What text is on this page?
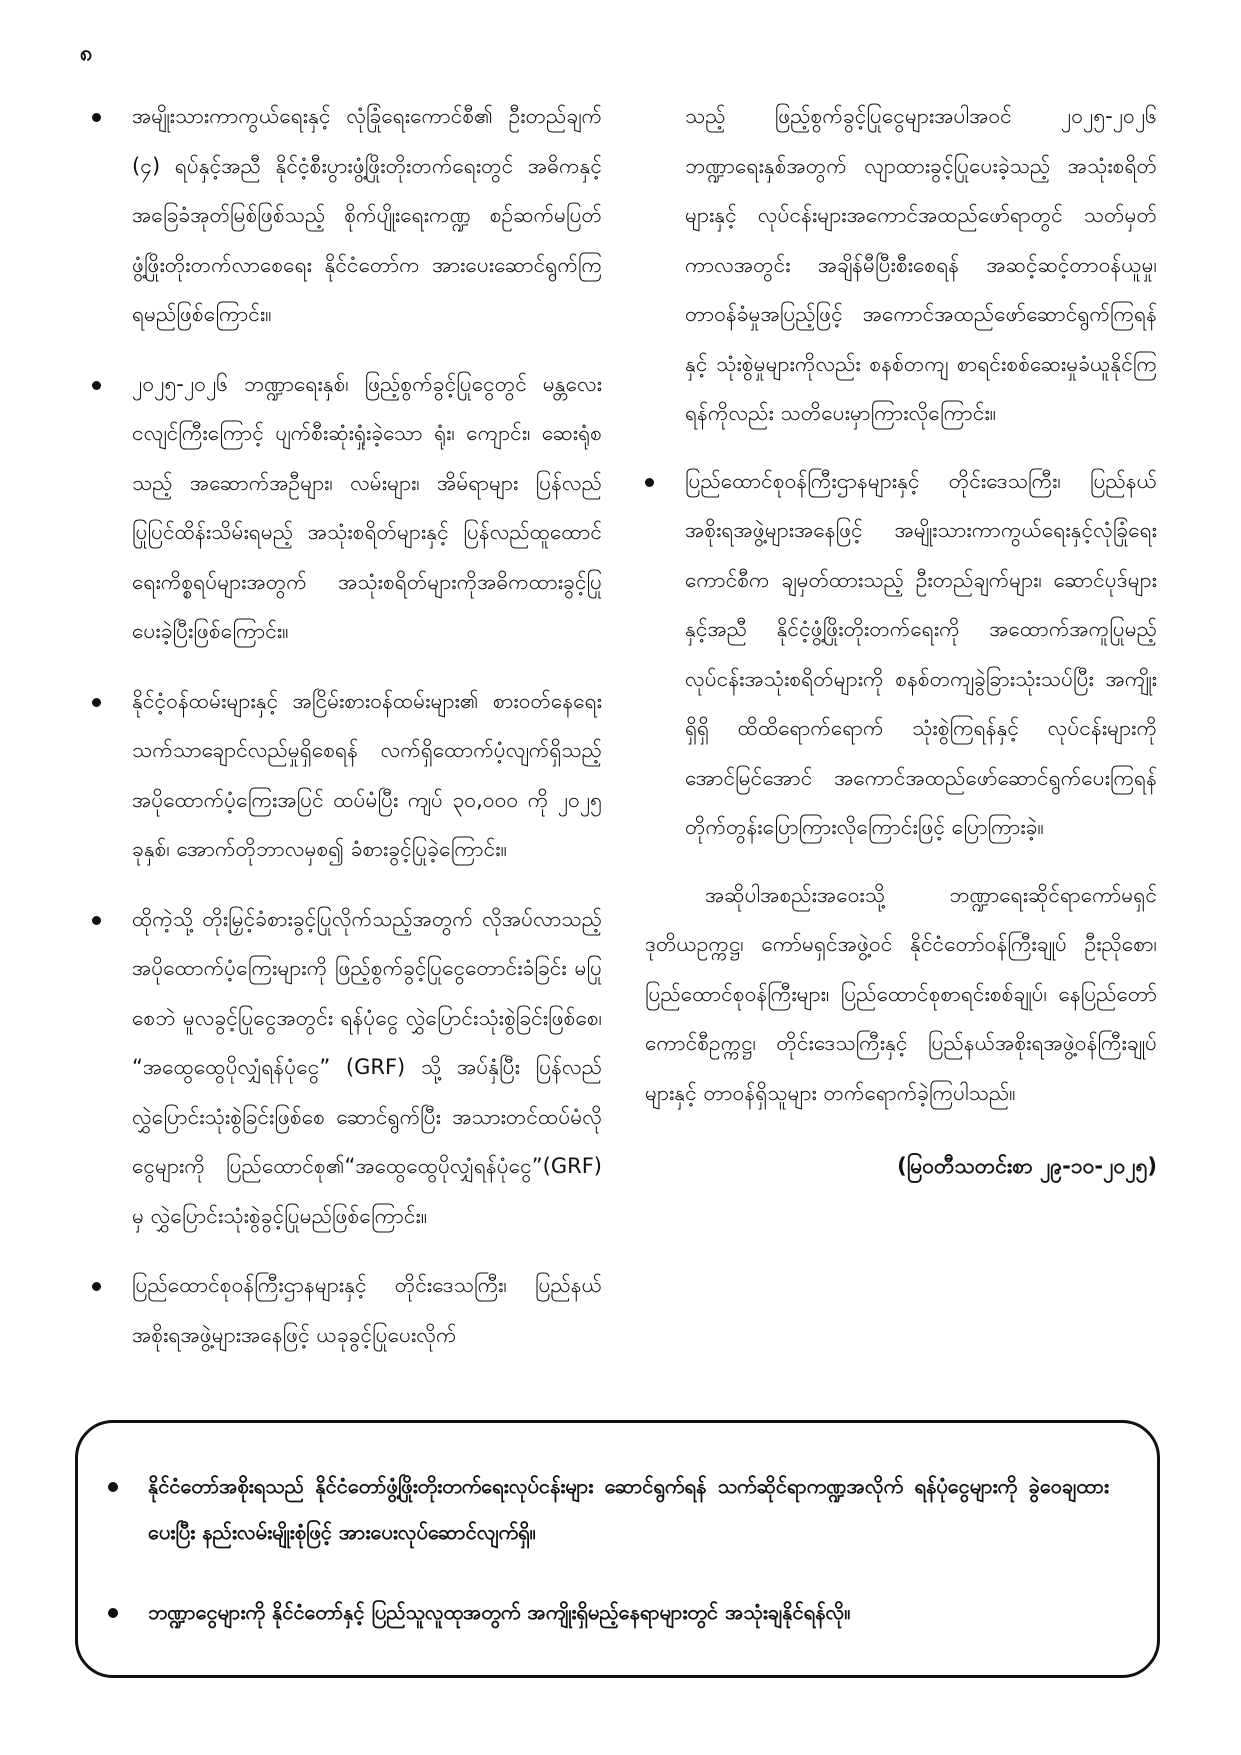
၈
အမျိုးသားကာကွယ်ရေးနှင့် လုံခြုံရေးကောင်စီ၏ ဦးတည်ချက် (၄) ရပ်နှင့်အညီ နိုင်ငံ့စီးပွားဖွံ့ဖြိုးတိုးတက်ရေးတွင် အဓိကနှင့် အခြေခံအုတ်မြစ်ဖြစ်သည့် စိုက်ပျိုးရေးကဏ္ဍ စဉ်ဆက်မပြတ် ဖွံ့ဖြိုးတိုးတက်လာစေရေး နိုင်ငံတော်က အားပေးဆောင်ရွက်ကြရမည်ဖြစ်ကြောင်း။
၂၀၂၅-၂၀၂၆ ဘဏ္ဍာရေးနှစ်၊ ဖြည့်စွက်ခွင့်ပြုငွေတွင် မန္တလေးငလျင်ကြီးကြောင့် ပျက်စီးဆုံးရှုံးခဲ့သော ရုံး၊ ကျောင်း၊ ဆေးရုံစသည့် အဆောက်အဦများ၊ လမ်းများ၊ အိမ်ရာများ ပြန်လည်ပြုပြင်ထိန်းသိမ်းရမည့် အသုံးစရိတ်များနှင့် ပြန်လည်ထူထောင်ရေးကိစ္စရပ်များအတွက် အသုံးစရိတ်များကိုအဓိကထားခွင့်ပြုပေးခဲ့ပြီးဖြစ်ကြောင်း။
နိုင်ငံ့ဝန်ထမ်းများနှင့် အငြိမ်းစားဝန်ထမ်းများ၏ စားဝတ်နေရေး သက်သာချောင်လည်မှုရှိစေရန် လက်ရှိထောက်ပံ့လျက်ရှိသည့် အပိုထောက်ပံ့ကြေးအပြင် ထပ်မံပြီး ကျပ် ၃၀,၀၀၀ ကို ၂၀၂၅ ခုနှစ်၊ အောက်တိုဘာလမှစ၍ ခံစားခွင့်ပြုခဲ့ကြောင်း။
ထိုကဲ့သို့ တိုးမြှင့်ခံစားခွင့်ပြုလိုက်သည့်အတွက် လိုအပ်လာသည့် အပိုထောက်ပံ့ကြေးများကို ဖြည့်စွက်ခွင့်ပြုငွေတောင်းခံခြင်း မပြုစေဘဲ မူလခွင့်ပြုငွေအတွင်း ရန်ပုံငွေ လွှဲပြောင်းသုံးစွဲခြင်းဖြစ်စေ၊ “အထွေထွေပိုလျှံရန်ပုံငွေ” (GRF) သို့ အပ်နှံပြီး ပြန်လည်လွှဲပြောင်းသုံးစွဲခြင်းဖြစ်စေ ဆောင်ရွက်ပြီး အသားတင်ထပ်မံလိုငွေများကို ပြည်ထောင်စု၏“အထွေထွေပိုလျှံရန်ပုံငွေ”(GRF) မှ လွှဲပြောင်းသုံးစွဲခွင့်ပြုမည်ဖြစ်ကြောင်း။
ပြည်ထောင်စုဝန်ကြီးဌာနများနှင့် တိုင်းဒေသကြီး၊ ပြည်နယ်အစိုးရအဖွဲ့များအနေဖြင့် ယခုခွင့်ပြုပေးလိုက်

သည့် ဖြည့်စွက်ခွင့်ပြုငွေများအပါအဝင် ၂၀၂၅-၂၀၂၆ ဘဏ္ဍာရေးနှစ်အတွက် လျာထားခွင့်ပြုပေးခဲ့သည့် အသုံးစရိတ်များနှင့် လုပ်ငန်းများအကောင်အထည်ဖော်ရာတွင် သတ်မှတ်ကာလအတွင်း အချိန်မီပြီးစီးစေရန် အဆင့်ဆင့်တာဝန်ယူမှု၊ တာဝန်ခံမှုအပြည့်ဖြင့် အကောင်အထည်ဖော်ဆောင်ရွက်ကြရန်နှင့် သုံးစွဲမှုများကိုလည်း စနစ်တကျ စာရင်းစစ်ဆေးမှုခံယူနိုင်ကြရန်ကိုလည်း သတိပေးမှာကြားလိုကြောင်း။

ပြည်ထောင်စုဝန်ကြီးဌာနများနှင့် တိုင်းဒေသကြီး၊ ပြည်နယ်အစိုးရအဖွဲ့များအနေဖြင့် အမျိုးသားကာကွယ်ရေးနှင့်လုံခြုံရေးကောင်စီက ချမှတ်ထားသည့် ဦးတည်ချက်များ၊ ဆောင်ပုဒ်များနှင့်အညီ နိုင်ငံ့ဖွံ့ဖြိုးတိုးတက်ရေးကို အထောက်အကူပြုမည့် လုပ်ငန်းအသုံးစရိတ်များကို စနစ်တကျခွဲခြားသုံးသပ်ပြီး အကျိုးရှိရှိ ထိထိရောက်ရောက် သုံးစွဲကြရန်နှင့် လုပ်ငန်းများကို အောင်မြင်အောင် အကောင်အထည်ဖော်ဆောင်ရွက်ပေးကြရန် တိုက်တွန်းပြောကြားလိုကြောင်းဖြင့် ပြောကြားခဲ့။

အဆိုပါအစည်းအဝေးသို့ ဘဏ္ဍာရေးဆိုင်ရာကော်မရှင် ဒုတိယဥက္ကဋ္ဌ၊ ကော်မရှင်အဖွဲ့ဝင် နိုင်ငံတော်ဝန်ကြီးချုပ် ဦးညိုစော၊ ပြည်ထောင်စုဝန်ကြီးများ၊ ပြည်ထောင်စုစာရင်းစစ်ချုပ်၊ နေပြည်တော်ကောင်စီဥက္ကဋ္ဌ၊ တိုင်းဒေသကြီးနှင့် ပြည်နယ်အစိုးရအဖွဲ့ဝန်ကြီးချုပ်များနှင့် တာဝန်ရှိသူများ တက်ရောက်ခဲ့ကြပါသည်။

(မြဝတီသတင်းစာ ၂၉-၁၀-၂၀၂၅)
နိုင်ငံတော်အစိုးရသည် နိုင်ငံတော်ဖွံ့ဖြိုးတိုးတက်ရေးလုပ်ငန်းများ ဆောင်ရွက်ရန် သက်ဆိုင်ရာကဏ္ဍအလိုက် ရန်ပုံငွေများကို ခွဲဝေချထားပေးပြီး နည်းလမ်းမျိုးစုံဖြင့် အားပေးလုပ်ဆောင်လျက်ရှိ။
ဘဏ္ဍာငွေများကို နိုင်ငံတော်နှင့် ပြည်သူလူထုအတွက် အကျိုးရှိမည့်နေရာများတွင် အသုံးချနိုင်ရန်လို။
